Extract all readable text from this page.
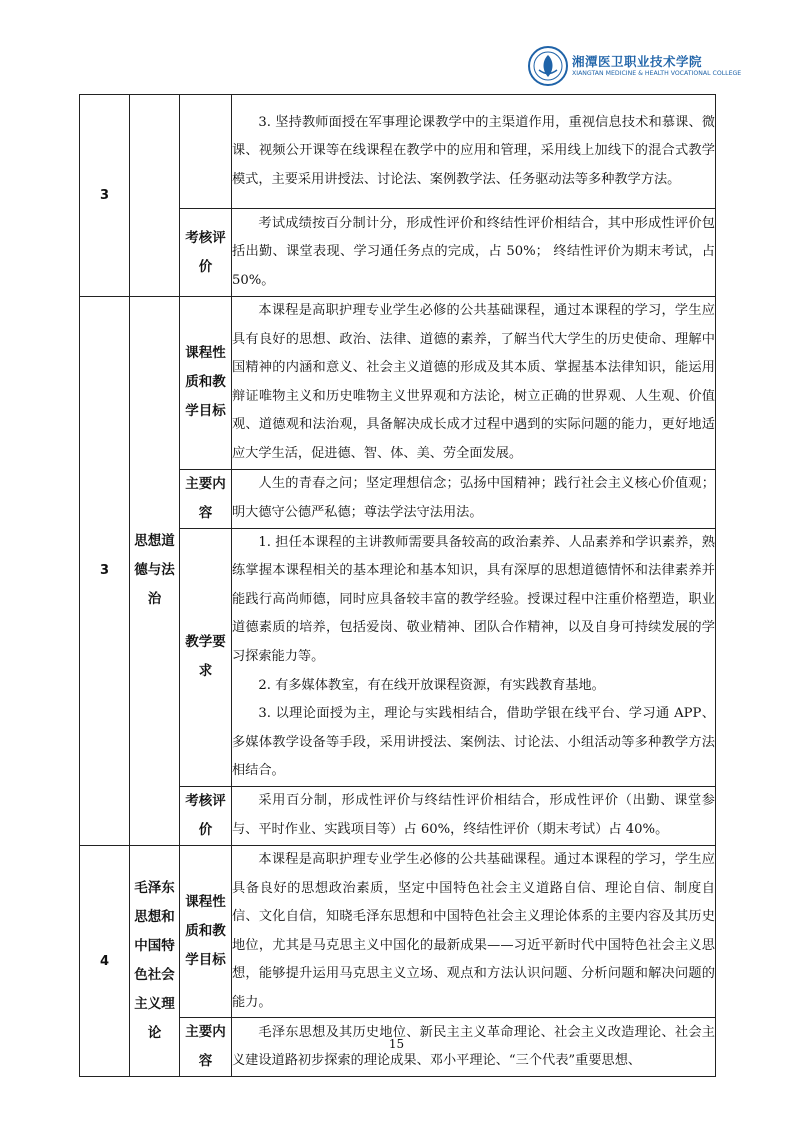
湘潭医卫职业技术学院
XIANGTAN MEDICINE & HEALTH VOCATIONAL COLLEGE
3			3. 坚持教师面授在军事理论课教学中的主渠道作用，重视信息技术和慕课、微课、视频公开课等在线课程在教学中的应用和管理，采用线上加线下的混合式教学模式，主要采用讲授法、讨论法、案例教学法、任务驱动法等多种教学方法。

		考核评价	考试成绩按百分制计分，形成性评价和终结性评价相结合，其中形成性评价包括出勤、课堂表现、学习通任务点的完成，占 50%； 终结性评价为期末考试，占 50%。

3	思想道德与法治	课程性质和教学目标	本课程是高职护理专业学生必修的公共基础课程，通过本课程的学习，学生应具有良好的思想、政治、法律、道德的素养，了解当代大学生的历史使命、理解中国精神的内涵和意义、社会主义道德的形成及其本质、掌握基本法律知识，能运用辩证唯物主义和历史唯物主义世界观和方法论，树立正确的世界观、人生观、价值观、道德观和法治观，具备解决成长成才过程中遇到的实际问题的能力，更好地适应大学生活，促进德、智、体、美、劳全面发展。

		主要内容	人生的青春之问；坚定理想信念；弘扬中国精神；践行社会主义核心价值观；明大德守公德严私德；尊法学法守法用法。

		教学要求	1. 担任本课程的主讲教师需要具备较高的政治素养、人品素养和学识素养，熟练掌握本课程相关的基本理论和基本知识，具有深厚的思想道德情怀和法律素养并能践行高尚师德，同时应具备较丰富的教学经验。授课过程中注重价格塑造，职业道德素质的培养，包括爱岗、敬业精神、团队合作精神，以及自身可持续发展的学习探索能力等。

2. 有多媒体教室，有在线开放课程资源，有实践教育基地。

3. 以理论面授为主，理论与实践相结合，借助学银在线平台、学习通 APP、多媒体教学设备等手段，采用讲授法、案例法、讨论法、小组活动等多种教学方法相结合。

		考核评价	采用百分制，形成性评价与终结性评价相结合，形成性评价（出勤、课堂参与、平时作业、实践项目等）占 60%，终结性评价（期末考试）占 40%。

4	毛泽东思想和中国特色社会主义理论	课程性质和教学目标	本课程是高职护理专业学生必修的公共基础课程。通过本课程的学习，学生应具备良好的思想政治素质，坚定中国特色社会主义道路自信、理论自信、制度自信、文化自信，知晓毛泽东思想和中国特色社会主义理论体系的主要内容及其历史地位，尤其是马克思主义中国化的最新成果——习近平新时代中国特色社会主义思想，能够提升运用马克思主义立场、观点和方法认识问题、分析问题和解决问题的能力。

		主要内容	毛泽东思想及其历史地位、新民主主义革命理论、社会主义改造理论、社会主义建设道路初步探索的理论成果、邓小平理论、“三个代表”重要思想、

15
